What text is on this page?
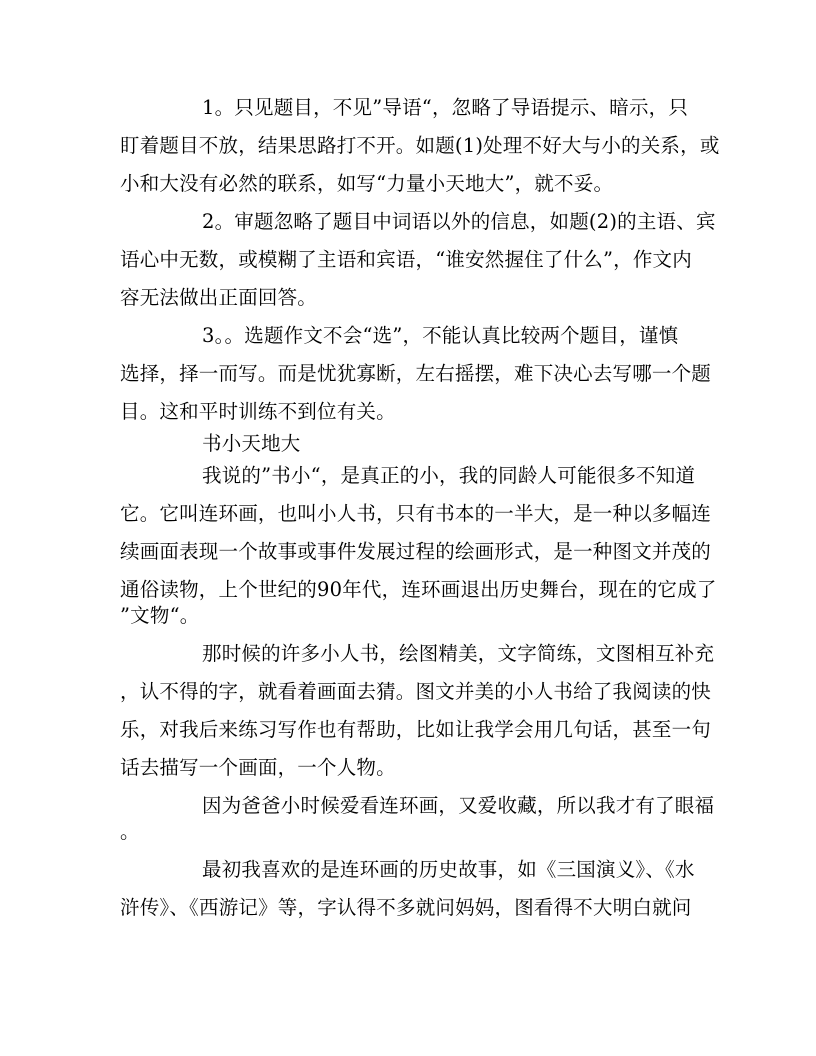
1。只见题目，不见”导语“，忽略了导语提示、暗示，只
盯着题目不放，结果思路打不开。如题(1)处理不好大与小的关系，或
小和大没有必然的联系，如写“力量小天地大”，就不妥。
2。审题忽略了题目中词语以外的信息，如题(2)的主语、宾
语心中无数，或模糊了主语和宾语，“谁安然握住了什么”，作文内
容无法做出正面回答。
3。。选题作文不会“选”，不能认真比较两个题目，谨慎
选择，择一而写。而是忧犹寡断，左右摇摆，难下决心去写哪一个题
目。这和平时训练不到位有关。
书小天地大
我说的”书小“，是真正的小，我的同龄人可能很多不知道
它。它叫连环画，也叫小人书，只有书本的一半大，是一种以多幅连
续画面表现一个故事或事件发展过程的绘画形式，是一种图文并茂的
通俗读物，上个世纪的90年代，连环画退出历史舞台，现在的它成了
”文物“。
那时候的许多小人书，绘图精美，文字简练，文图相互补充
，认不得的字，就看着画面去猜。图文并美的小人书给了我阅读的快
乐，对我后来练习写作也有帮助，比如让我学会用几句话，甚至一句
话去描写一个画面，一个人物。
因为爸爸小时候爱看连环画，又爱收藏，所以我才有了眼福
。
最初我喜欢的是连环画的历史故事，如《三国演义》、《水
浒传》、《西游记》等，字认得不多就问妈妈，图看得不大明白就问
